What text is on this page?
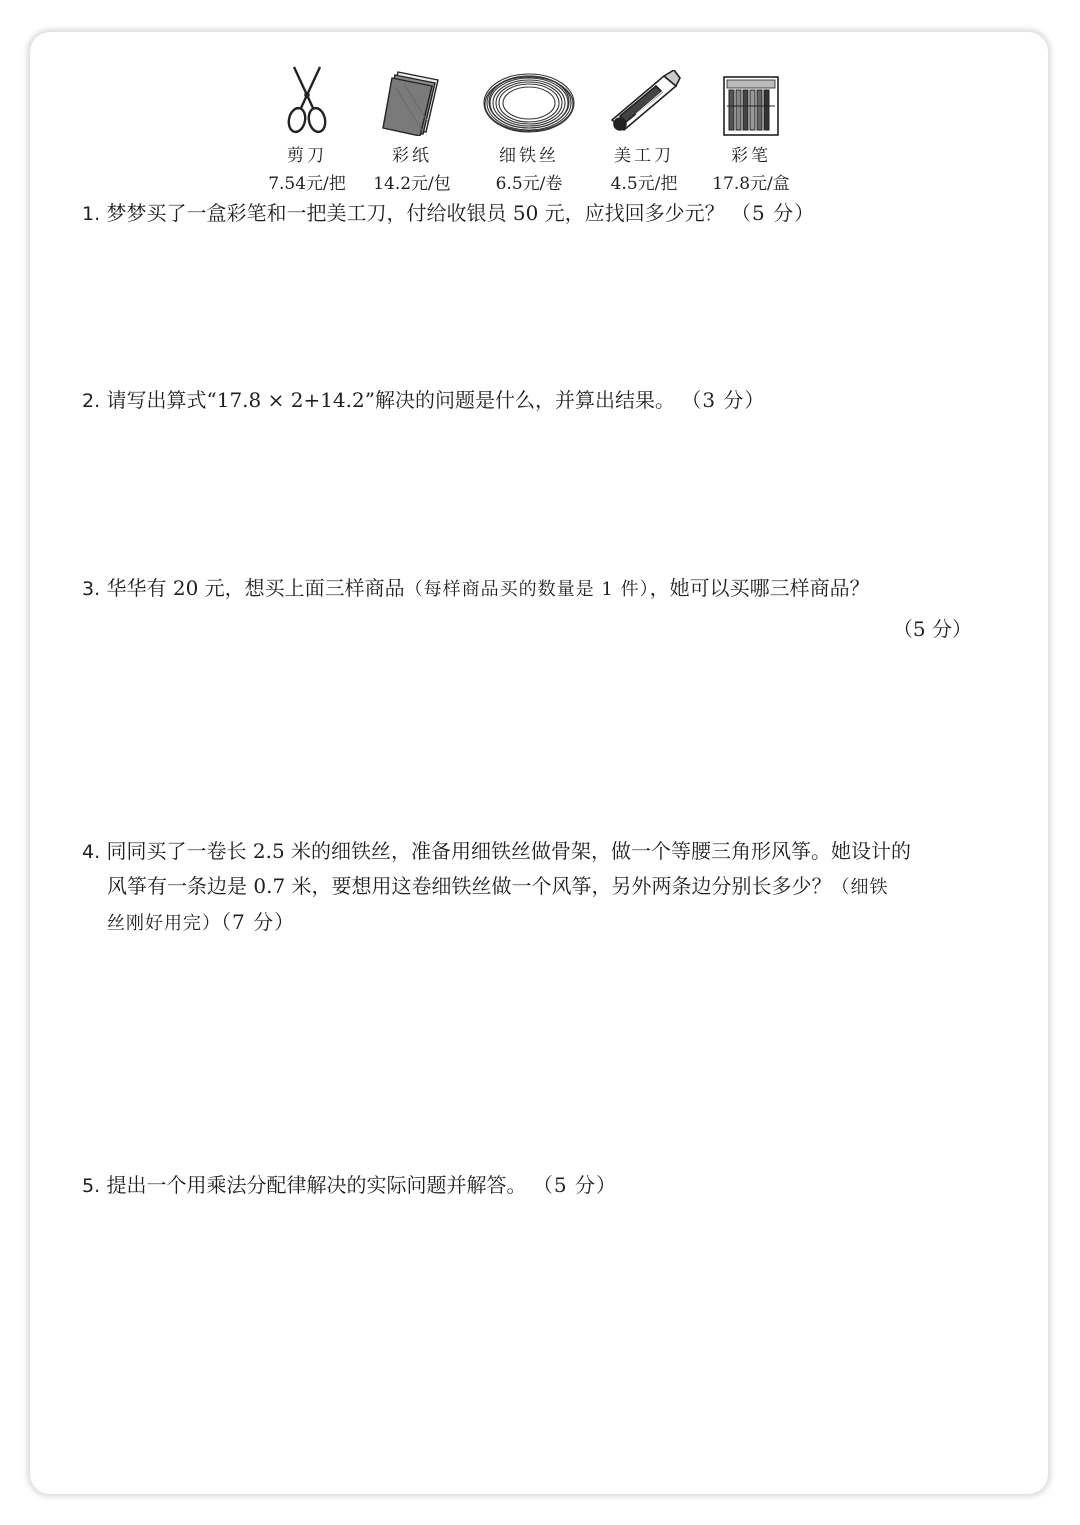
剪刀
7.54元/把
彩纸
14.2元/包
细铁丝
6.5元/卷
美工刀
4.5元/把
彩笔
17.8元/盒
1. 梦梦买了一盒彩笔和一把美工刀，付给收银员 50 元，应找回多少元？ （5 分）
2. 请写出算式“17.8 × 2+14.2”解决的问题是什么，并算出结果。 （3 分）
3. 华华有 20 元，想买上面三样商品（每样商品买的数量是 1 件），她可以买哪三样商品？
（5 分）
4. 同同买了一卷长 2.5 米的细铁丝，准备用细铁丝做骨架，做一个等腰三角形风筝。她设计的
风筝有一条边是 0.7 米，要想用这卷细铁丝做一个风筝，另外两条边分别长多少？（细铁
丝刚好用完）（7 分）
5. 提出一个用乘法分配律解决的实际问题并解答。 （5 分）
